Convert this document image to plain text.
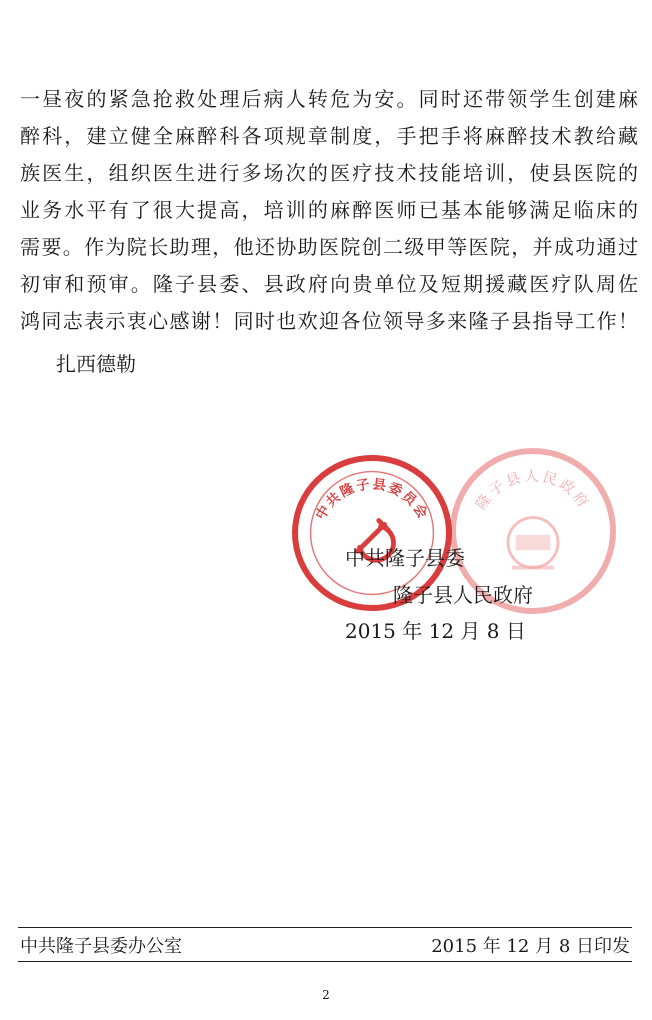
一昼夜的紧急抢救处理后病人转危为安。同时还带领学生创建麻
醉科，建立健全麻醉科各项规章制度，手把手将麻醉技术教给藏
族医生，组织医生进行多场次的医疗技术技能培训，使县医院的
业务水平有了很大提高，培训的麻醉医师已基本能够满足临床的
需要。作为院长助理，他还协助医院创二级甲等医院，并成功通过
初审和预审。隆子县委、县政府向贵单位及短期援藏医疗队周佐
鸿同志表示衷心感谢！同时也欢迎各位领导多来隆子县指导工作！
扎西德勒
隆子县人民政府
中共隆子县委员会
中共隆子县委
隆子县人民政府
2015 年 12 月 8 日
中共隆子县委办公室	2015 年 12 月 8 日印发
2
